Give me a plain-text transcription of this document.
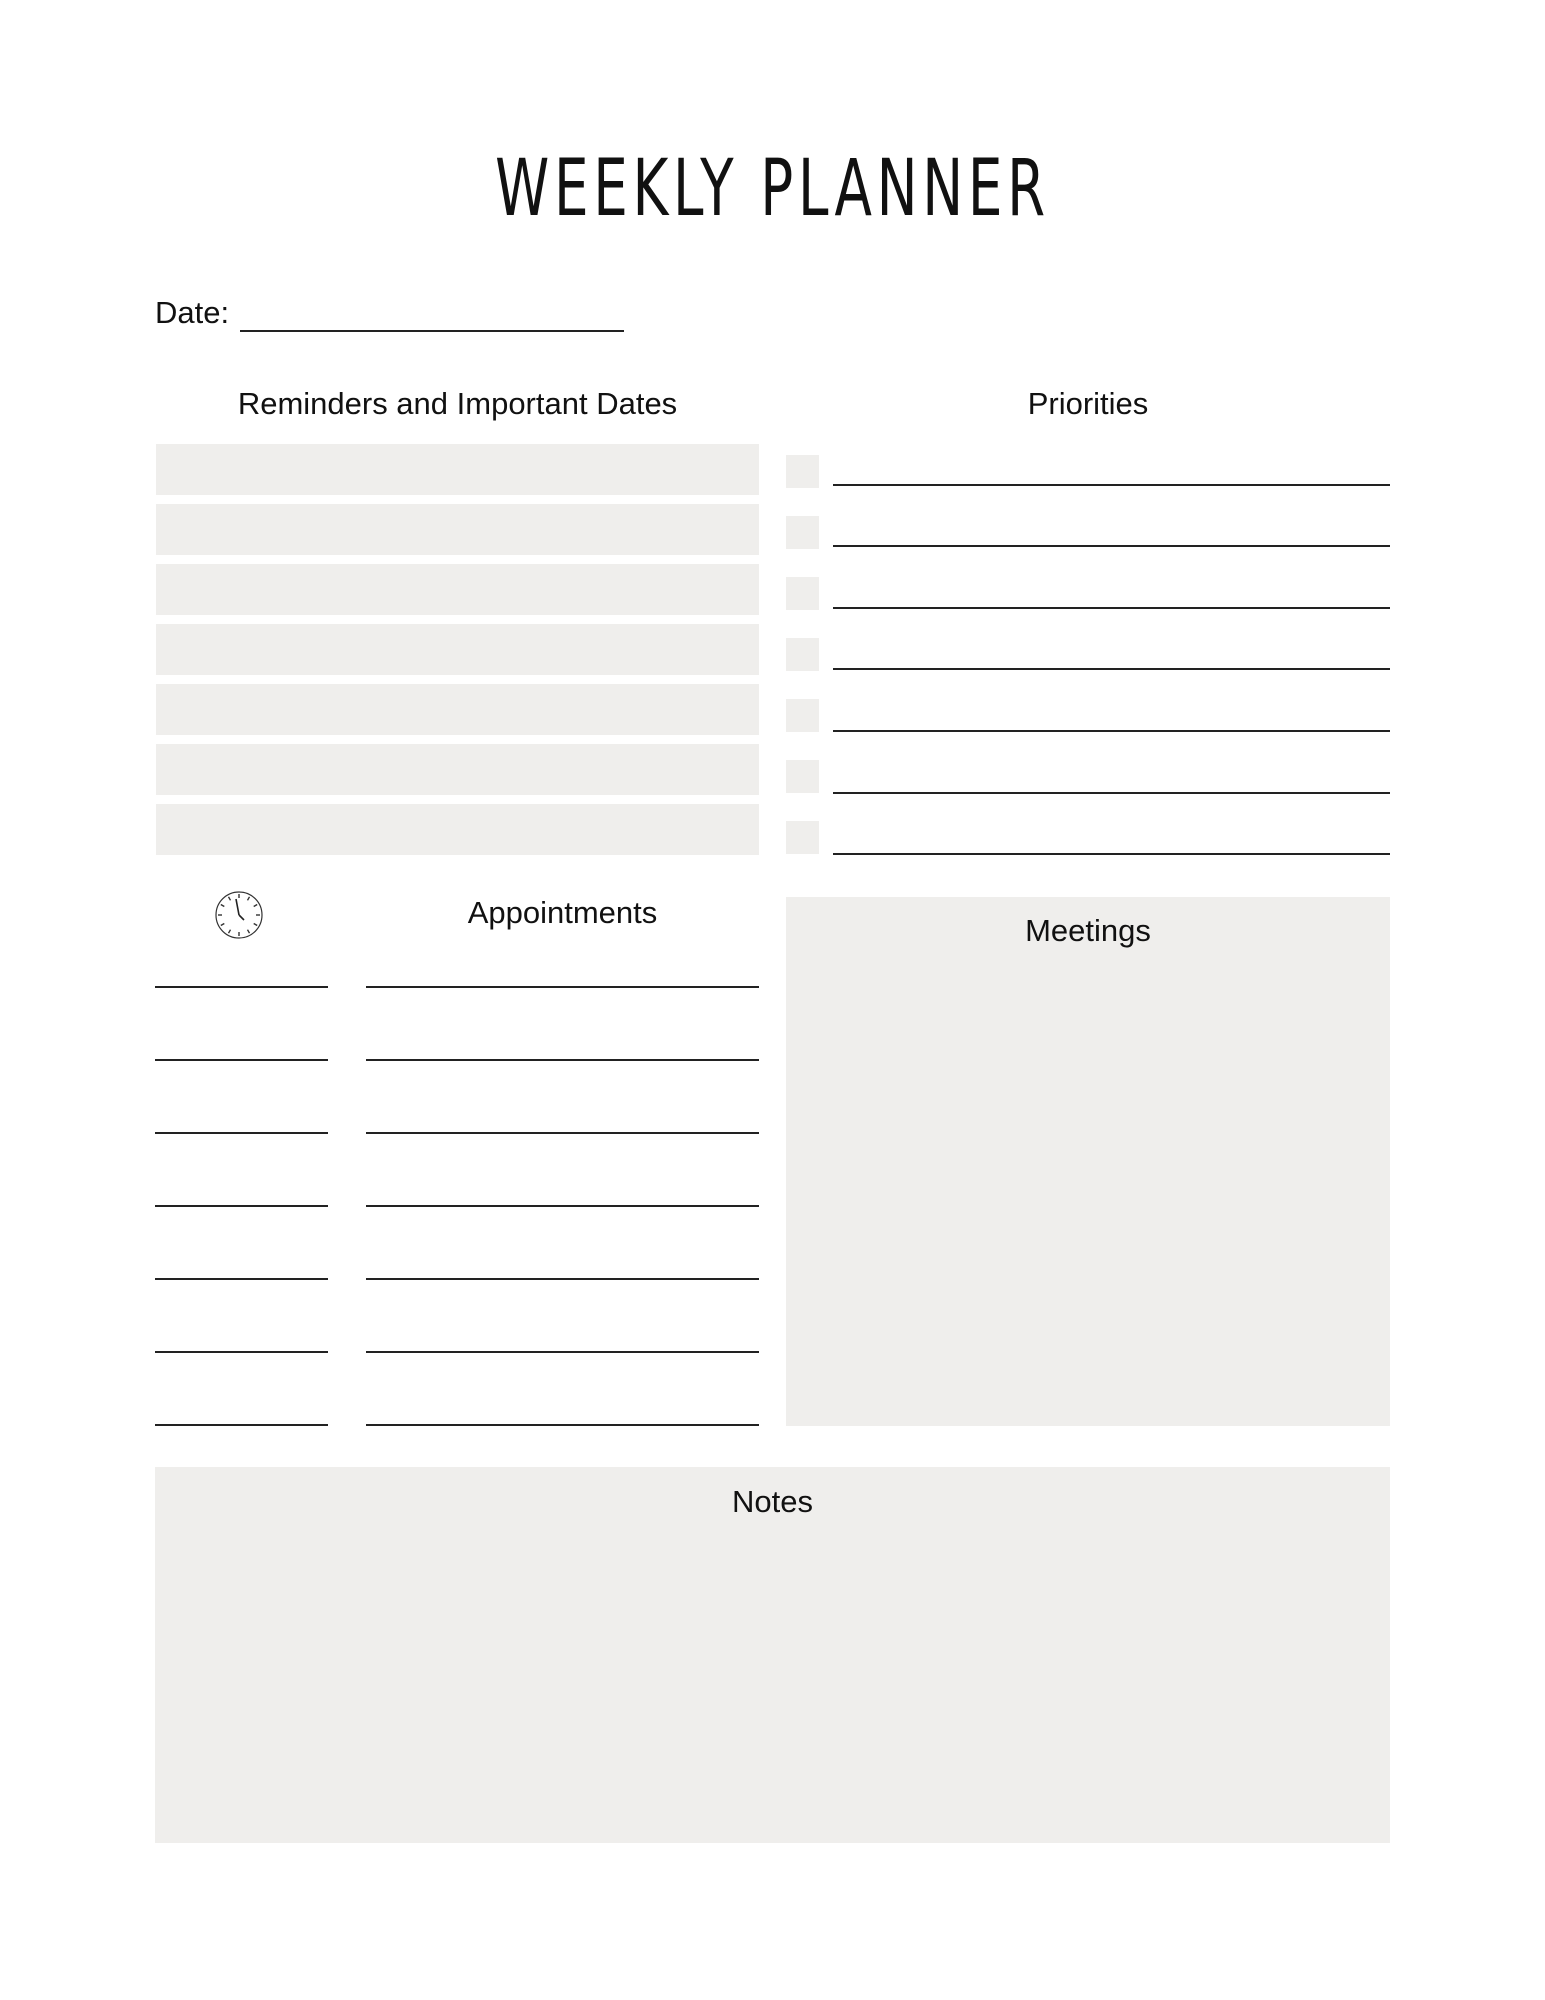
WEEKLY PLANNER
Date:
Reminders and Important Dates	Priorities
Appointments
Meetings
Notes
